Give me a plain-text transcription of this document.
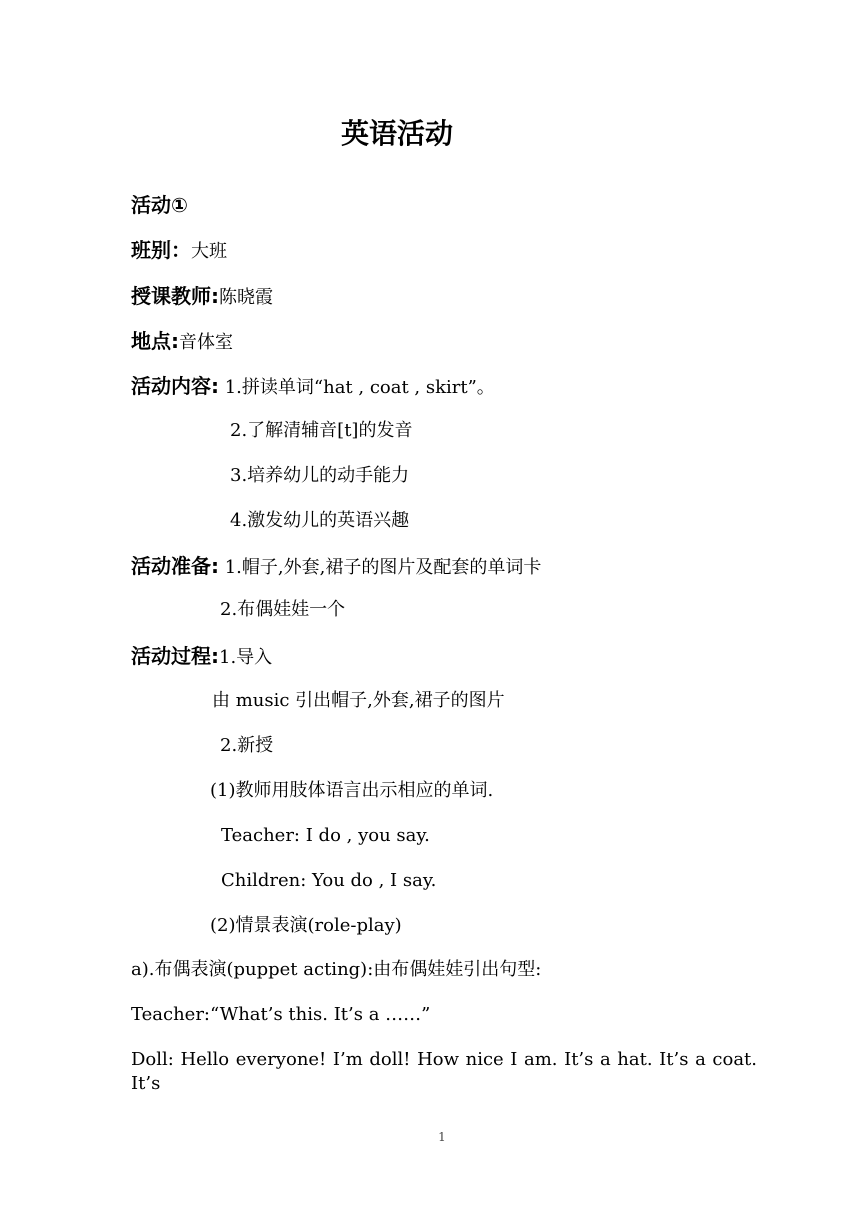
英语活动
活动①
班别：大班
授课教师:陈晓霞
地点:音体室
活动内容: 1.拼读单词“hat , coat , skirt”。
2.了解清辅音[t]的发音
3.培养幼儿的动手能力
4.激发幼儿的英语兴趣
活动准备: 1.帽子,外套,裙子的图片及配套的单词卡
2.布偶娃娃一个
活动过程:1.导入
由 music 引出帽子,外套,裙子的图片
2.新授
(1)教师用肢体语言出示相应的单词.
Teacher: I do , you say.
Children: You do , I say.
(2)情景表演(role-play)
a).布偶表演(puppet acting):由布偶娃娃引出句型:
Teacher:“What’s this. It’s a ……”
Doll: Hello everyone! I’m doll! How nice I am. It’s a hat. It’s a coat. It’s
1
